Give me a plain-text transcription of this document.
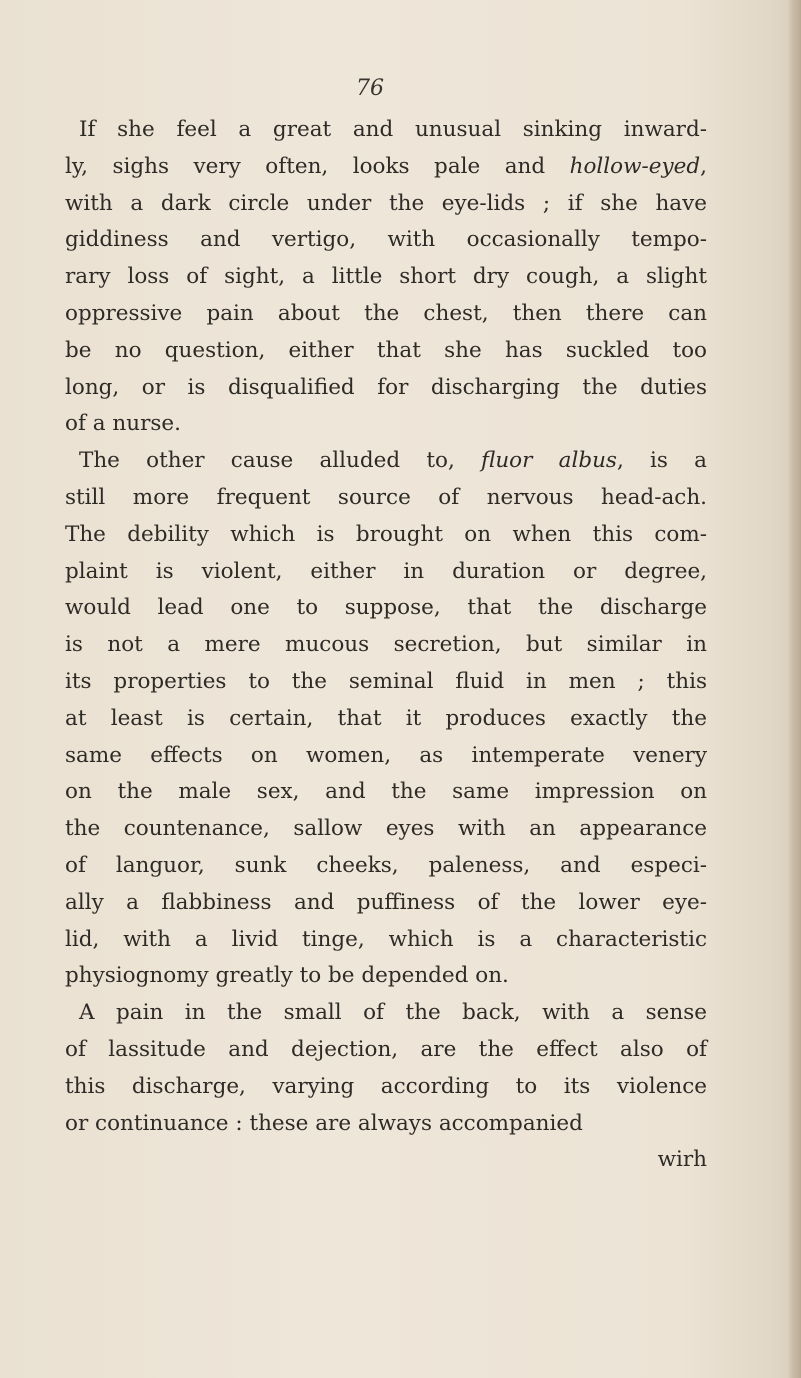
76
If she feel a great and unusual sinking inward-
ly, sighs very often, looks pale and hollow-eyed,
with a dark circle under the eye-lids ; if she have
giddiness and vertigo, with occasionally tempo-
rary loss of sight, a little short dry cough, a slight
oppressive pain about the chest, then there can
be no question, either that she has suckled too
long, or is disqualified for discharging the duties
of a nurse.
The other cause alluded to, fluor albus, is a
still more frequent source of nervous head-ach.
The debility which is brought on when this com-
plaint is violent, either in duration or degree,
would lead one to suppose, that the discharge
is not a mere mucous secretion, but similar in
its properties to the seminal fluid in men ; this
at least is certain, that it produces exactly the
same effects on women, as intemperate venery
on the male sex, and the same impression on
the countenance, sallow eyes with an appearance
of languor, sunk cheeks, paleness, and especi-
ally a flabbiness and puffiness of the lower eye-
lid, with a livid tinge, which is a characteristic
physiognomy greatly to be depended on.
A pain in the small of the back, with a sense
of lassitude and dejection, are the effect also of
this discharge, varying according to its violence
or continuance : these are always accompanied
wirh
